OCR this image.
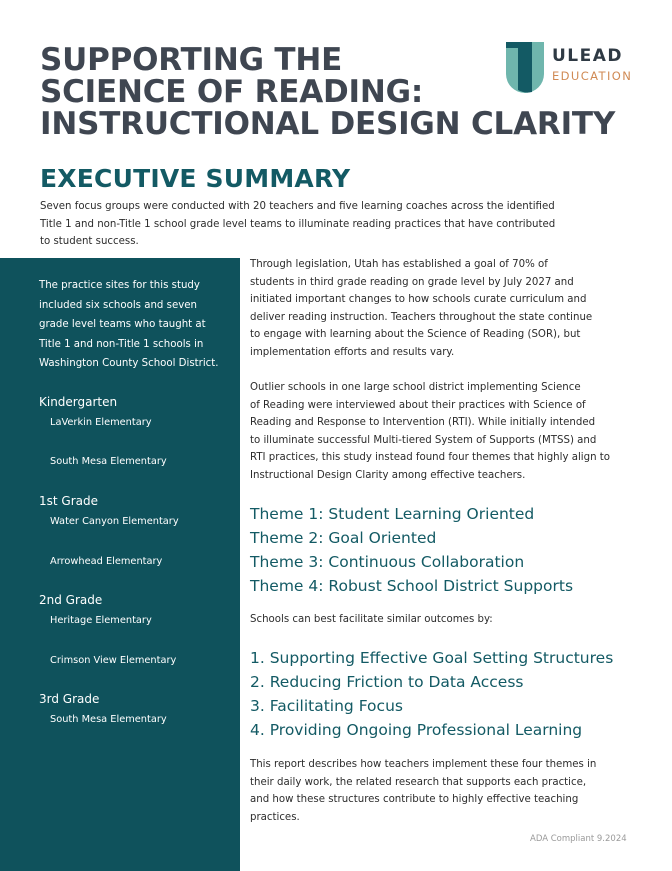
SUPPORTING THE
SCIENCE OF READING:
INSTRUCTIONAL DESIGN CLARITY
ULEAD
EDUCATION
EXECUTIVE SUMMARY

Seven focus groups were conducted with 20 teachers and five learning coaches across the identified
Title 1 and non-Title 1 school grade level teams to illuminate reading practices that have contributed
to student success.

The practice sites for this study
included six schools and seven
grade level teams who taught at
Title 1 and non-Title 1 schools in
Washington County School District.

Kindergarten

LaVerkin Elementary

South Mesa Elementary

1st Grade

Water Canyon Elementary

Arrowhead Elementary

2nd Grade

Heritage Elementary

Crimson View Elementary

3rd Grade

South Mesa Elementary

Through legislation, Utah has established a goal of 70% of
students in third grade reading on grade level by July 2027 and
initiated important changes to how schools curate curriculum and
deliver reading instruction. Teachers throughout the state continue
to engage with learning about the Science of Reading (SOR), but
implementation efforts and results vary.

Outlier schools in one large school district implementing Science
of Reading were interviewed about their practices with Science of
Reading and Response to Intervention (RTI). While initially intended
to illuminate successful Multi-tiered System of Supports (MTSS) and
RTI practices, this study instead found four themes that highly align to
Instructional Design Clarity among effective teachers.

Theme 1: Student Learning Oriented

Theme 2: Goal Oriented

Theme 3: Continuous Collaboration

Theme 4: Robust School District Supports

Schools can best facilitate similar outcomes by:

1. Supporting Effective Goal Setting Structures

2. Reducing Friction to Data Access

3. Facilitating Focus

4. Providing Ongoing Professional Learning

This report describes how teachers implement these four themes in
their daily work, the related research that supports each practice,
and how these structures contribute to highly effective teaching
practices.

ADA Compliant 9.2024
